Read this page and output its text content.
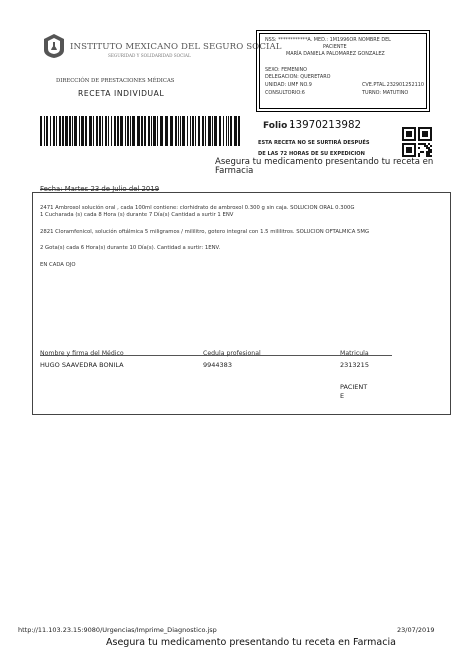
INSTITUTO MEXICANO DEL SEGURO SOCIAL
SEGURIDAD Y SOLIDARIDAD SOCIAL
DIRECCIÓN DE PRESTACIONES MÉDICAS
RECETA INDIVIDUAL
NSS: ************A. MED.: 1M1996OR NOMBRE DEL
PACIENTE
MARÍA DANIELA PALOMAREZ GONZALEZ
SEXO: FEMENINO
DELEGACION: QUERETARO
UNIDAD: UMF NO.9	CVE.PTAL.232901252110
CONSULTORIO:6	TURNO: MATUTINO
Folio :
13970213982
ESTA RECETA NO SE SURTIRÁ DESPUÉS
DE LAS 72 HORAS DE SU EXPEDICION
Asegura tu medicamento presentando tu receta en
Farmacia
Fecha: Martes 23 de Julio del 2019
2471 Ambroxol solución oral , cada 100ml contiene: clorhidrato de ambroxol 0.300 g sin caja. SOLUCION ORAL 0.300G
1 Cucharada (s) cada 8 Hora (s) durante 7 Día(s) Cantidad a surtir 1 ENV
2821 Cloramfenicol, solución oftálmica 5 miligramos / mililitro, gotero integral con 1.5 mililitros. SOLUCION OFTALMICA 5MG
2 Gota(s) cada 6 Hora(s) durante 10 Día(s). Cantidad a surtir: 1ENV.
EN CADA OJO
Nombre y firma del Médico	Cedula profesional	Matricula
HUGO SAAVEDRA BONILA	9944383	2313215
PACIENT
E
http://11.103.23.15:9080/Urgencias/Imprime_Diagnostico.jsp	23/07/2019
Asegura tu medicamento presentando tu receta en Farmacia
